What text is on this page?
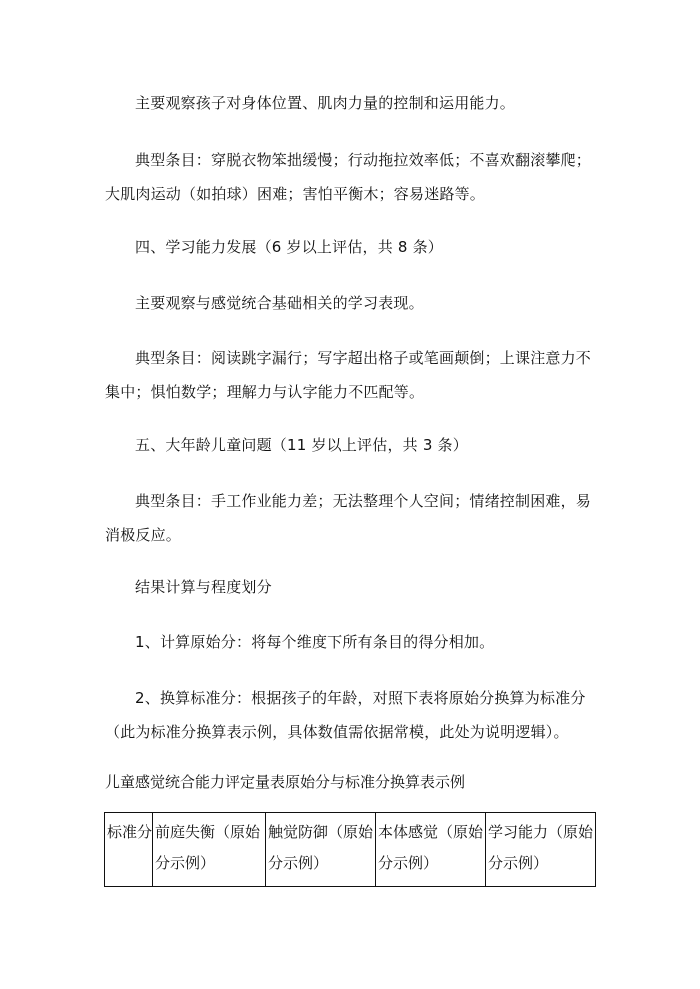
主要观察孩子对身体位置、肌肉力量的控制和运用能力。

典型条目：穿脱衣物笨拙缓慢；行动拖拉效率低；不喜欢翻滚攀爬；大肌肉运动（如拍球）困难；害怕平衡木；容易迷路等。

四、学习能力发展（6 岁以上评估，共 8 条）

主要观察与感觉统合基础相关的学习表现。

典型条目：阅读跳字漏行；写字超出格子或笔画颠倒；上课注意力不集中；惧怕数学；理解力与认字能力不匹配等。

五、大年龄儿童问题（11 岁以上评估，共 3 条）

典型条目：手工作业能力差；无法整理个人空间；情绪控制困难，易消极反应。

结果计算与程度划分

1、计算原始分：将每个维度下所有条目的得分相加。

2、换算标准分：根据孩子的年龄，对照下表将原始分换算为标准分（此为标准分换算表示例，具体数值需依据常模，此处为说明逻辑）。

儿童感觉统合能力评定量表原始分与标准分换算表示例

标准分	前庭失衡（原始分示例）	触觉防御（原始分示例）	本体感觉（原始分示例）	学习能力（原始分示例）
